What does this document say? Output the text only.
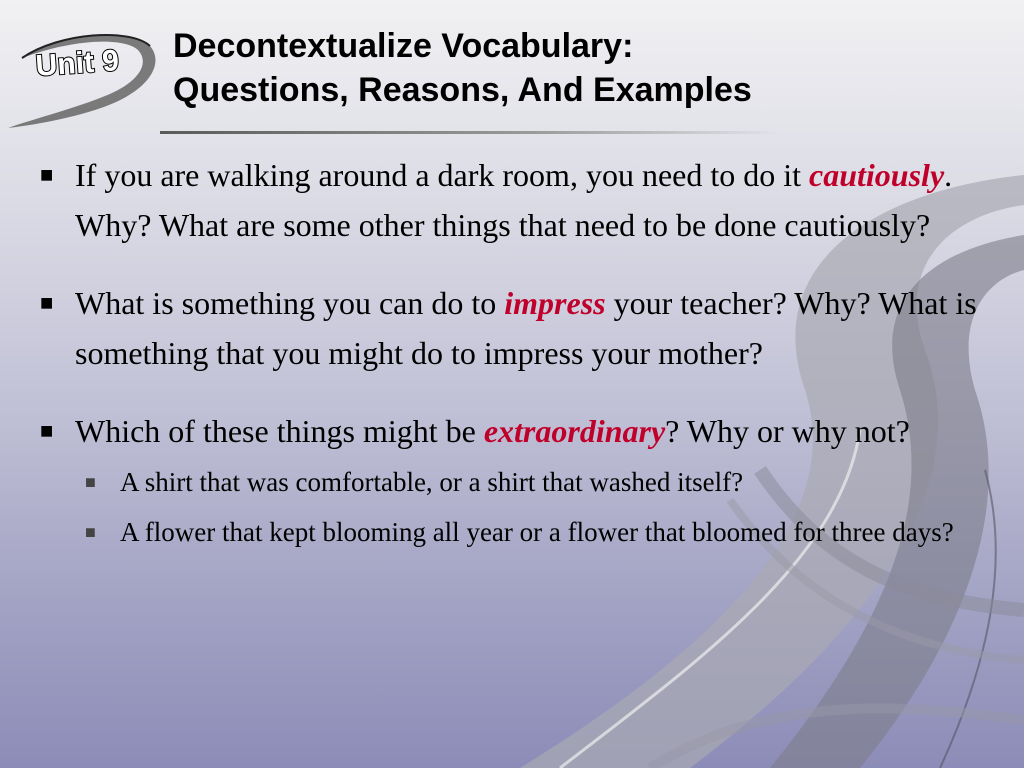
Unit 9 Decontextualize Vocabulary:
Questions, Reasons, And Examples
■ If you are walking around a dark room, you need to do it cautiously. Why? What are some other things that need to be done cautiously?
■ What is something you can do to impress your teacher? Why? What is something that you might do to impress your mother?
■ Which of these things might be extraordinary? Why or why not?
■ A shirt that was comfortable, or a shirt that washed itself?
■ A flower that kept blooming all year or a flower that bloomed for three days?
